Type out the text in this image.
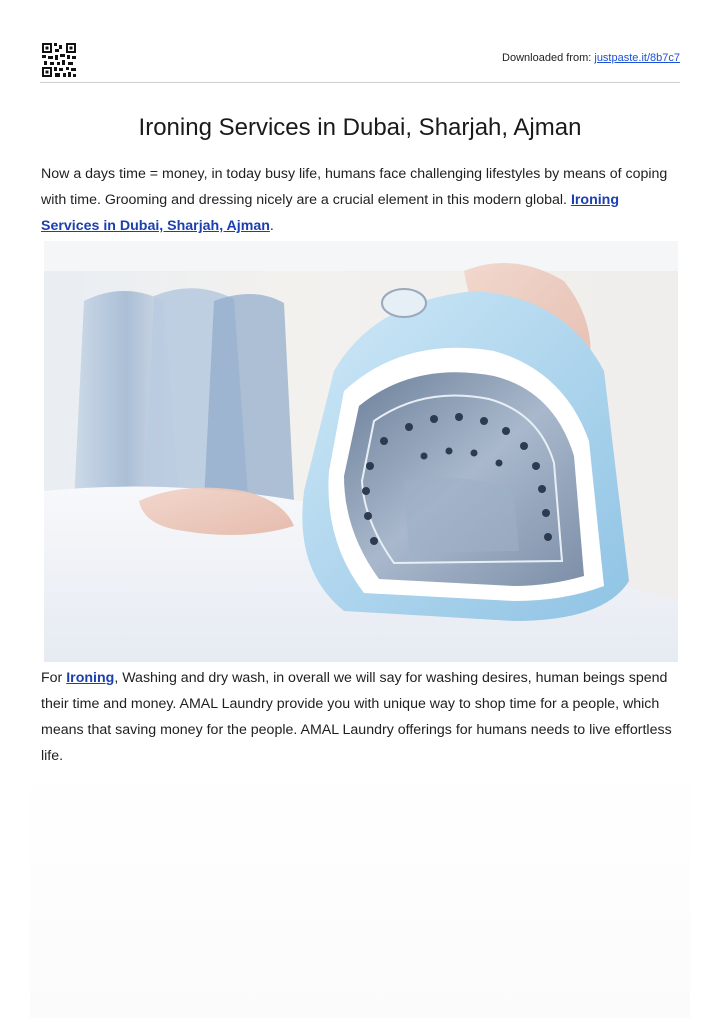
Downloaded from: justpaste.it/8b7c7
Ironing Services in Dubai, Sharjah, Ajman

Now a days time = money, in today busy life, humans face challenging lifestyles by means of coping with time. Grooming and dressing nicely are a crucial element in this modern global. Ironing Services in Dubai, Sharjah, Ajman.

For Ironing, Washing and dry wash, in overall we will say for washing desires, human beings spend their time and money. AMAL Laundry provide you with unique way to shop time for a people, which means that saving money for the people. AMAL Laundry offerings for humans needs to live effortless life.
